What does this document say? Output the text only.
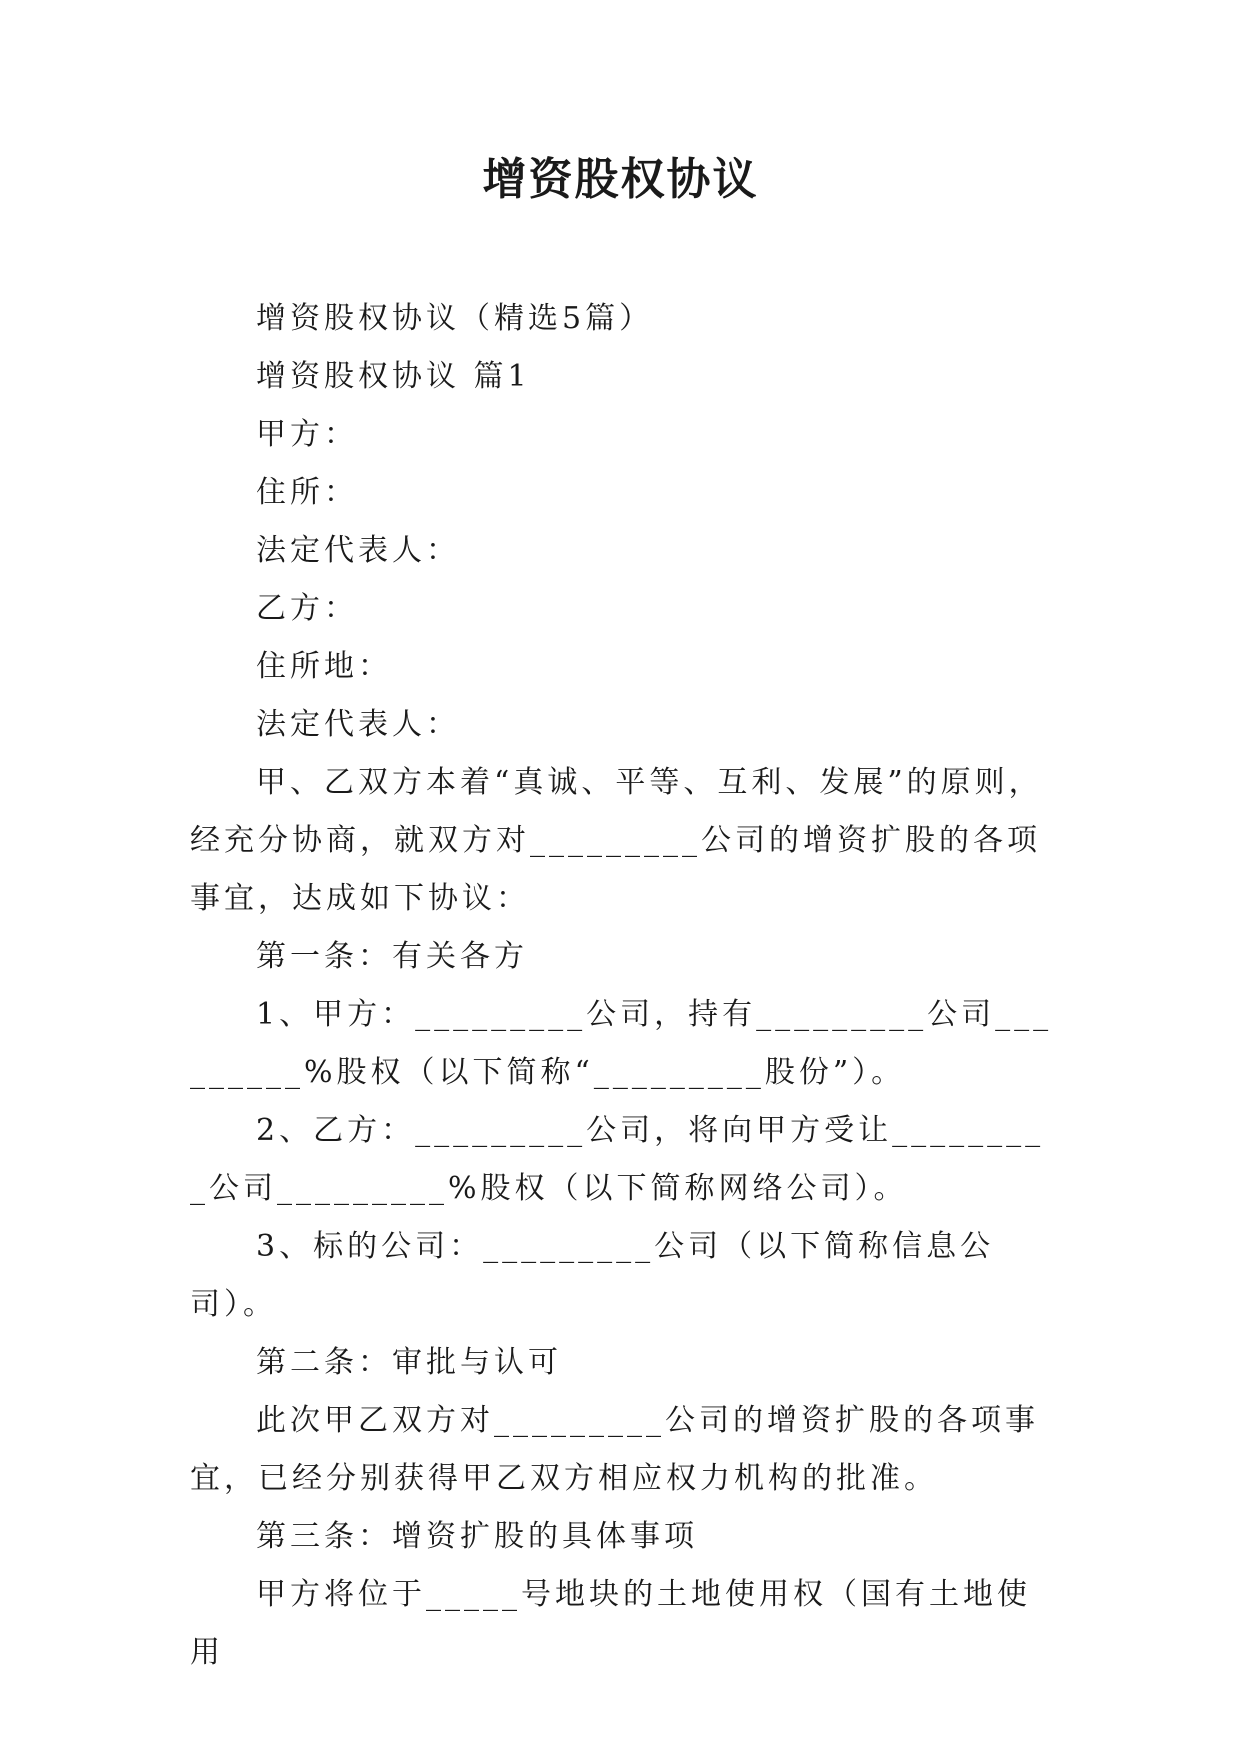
增资股权协议

增资股权协议（精选5篇）

增资股权协议 篇1

甲方：

住所：

法定代表人：

乙方：

住所地：

法定代表人：

甲、乙双方本着“真诚、平等、互利、发展”的原则，经充分协商，就双方对_________公司的增资扩股的各项事宜，达成如下协议：

第一条：有关各方

1、甲方：_________公司，持有_________公司_________%股权（以下简称“_________股份”）。

2、乙方：_________公司，将向甲方受让_________公司_________%股权（以下简称网络公司）。

3、标的公司：_________公司（以下简称信息公司）。

第二条：审批与认可

此次甲乙双方对_________公司的增资扩股的各项事宜，已经分别获得甲乙双方相应权力机构的批准。

第三条：增资扩股的具体事项

甲方将位于_____号地块的土地使用权（国有土地使用
